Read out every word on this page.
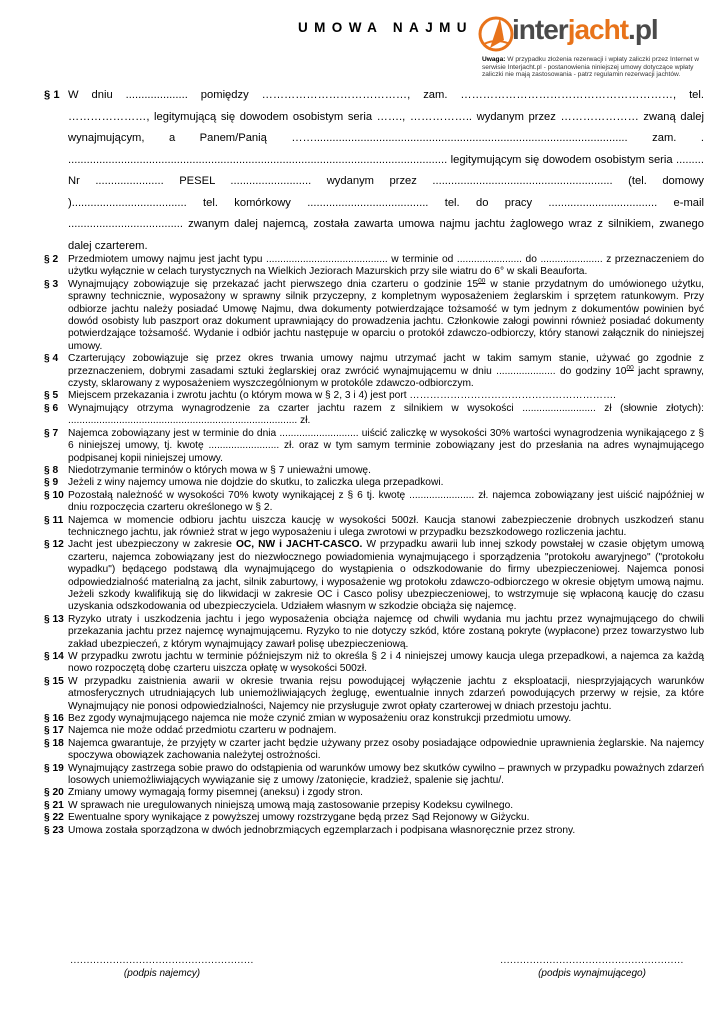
UMOWA NAJMU interjacht.pl
Uwaga: W przypadku złożenia rezerwacji i wpłaty zaliczki przez Internet w serwisie Interjacht.pl - postanowienia niniejszej umowy dotyczące wpłaty zaliczki nie mają zastosowania - patrz regulamin rezerwacji jachtów.
§ 1 W dniu .................... pomiędzy …………………………………, zam. …………………………………………………, tel. …………………, legitymującą się dowodem osobistym seria ……., …………….. wydanym przez ………………… zwaną dalej wynajmującym, a Panem/Panią ……..................................................................................................... zam. . .......................................................................................................................... legitymującym się dowodem osobistym seria ......... Nr ...................... PESEL .......................... wydanym przez .......................................................... (tel. domowy )..................................... tel. komórkowy ....................................... tel. do pracy ................................... e-mail ..................................... zwanym dalej najemcą, została zawarta umowa najmu jachtu żaglowego wraz z silnikiem, zwanego dalej czarterem.
§ 2 Przedmiotem umowy najmu jest jacht typu ........................................... w terminie od ....................... do ...................... z przeznaczeniem do użytku wyłącznie w celach turystycznych na Wielkich Jeziorach Mazurskich przy sile wiatru do 6° w skali Beauforta.
§ 3 Wynajmujący zobowiązuje się przekazać jacht pierwszego dnia czarteru o godzinie $15^{00}$ w stanie przydatnym do umówionego użytku, sprawny technicznie, wyposażony w sprawny silnik przyczepny, z kompletnym wyposażeniem żeglarskim i sprzętem ratunkowym. Przy odbiorze jachtu należy posiadać Umowę Najmu, dwa dokumenty potwierdzające tożsamość w tym jednym z dokumentów powinien być dowód osobisty lub paszport oraz dokument uprawniający do prowadzenia jachtu. Członkowie załogi powinni również posiadać dokumenty potwierdzające tożsamość. Wydanie i odbiór jachtu następuje w oparciu o protokół zdawczo-odbiorczy, który stanowi załącznik do niniejszej umowy.
§ 4 Czarterujący zobowiązuje się przez okres trwania umowy najmu utrzymać jacht w takim samym stanie, używać go zgodnie z przeznaczeniem, dobrymi zasadami sztuki żeglarskiej oraz zwrócić wynajmującemu w dniu ..................... do godziny $10^{00}$ jacht sprawny, czysty, sklarowany z wyposażeniem wyszczególnionym w protokóle zdawczo-odbiorczym.
§ 5 Miejscem przekazania i zwrotu jachtu (o którym mowa w § 2, 3 i 4) jest port …………………………………………………….
§ 6 Wynajmujący otrzyma wynagrodzenie za czarter jachtu razem z silnikiem w wysokości .......................... zł (słownie złotych): ................................................................................. zł.
§ 7 Najemca zobowiązany jest w terminie do dnia ............................ uiścić zaliczkę w wysokości 30% wartości wynagrodzenia wynikającego z § 6 niniejszej umowy, tj. kwotę ......................... zł. oraz w tym samym terminie zobowiązany jest do przesłania na adres wynajmującego podpisanej kopii niniejszej umowy.
§ 8 Niedotrzymanie terminów o których mowa w § 7 unieważni umowę.
§ 9 Jeżeli z winy najemcy umowa nie dojdzie do skutku, to zaliczka ulega przepadkowi.
§ 10 Pozostałą należność w wysokości 70% kwoty wynikającej z § 6 tj. kwotę ....................... zł. najemca zobowiązany jest uiścić najpóźniej w dniu rozpoczęcia czarteru określonego w § 2.
§ 11 Najemca w momencie odbioru jachtu uiszcza kaucję w wysokości 500zł. Kaucja stanowi zabezpieczenie drobnych uszkodzeń stanu technicznego jachtu, jak również strat w jego wyposażeniu i ulega zwrotowi w przypadku bezszkodowego rozliczenia jachtu.
§ 12 Jacht jest ubezpieczony w zakresie OC, NW i JACHT-CASCO. W przypadku awarii lub innej szkody powstałej w czasie objętym umową czarteru, najemca zobowiązany jest do niezwłocznego powiadomienia wynajmującego i sporządzenia "protokołu awaryjnego" ("protokołu wypadku") będącego podstawą dla wynajmującego do wystąpienia o odszkodowanie do firmy ubezpieczeniowej. Najemca ponosi odpowiedzialność materialną za jacht, silnik zaburtowy, i wyposażenie wg protokołu zdawczo-odbiorczego w okresie objętym umową najmu. Jeżeli szkody kwalifikują się do likwidacji w zakresie OC i Casco polisy ubezpieczeniowej, to wstrzymuje się wpłaconą kaucję do czasu uzyskania odszkodowania od ubezpieczyciela. Udziałem własnym w szkodzie obciąża się najemcę.
§ 13 Ryzyko utraty i uszkodzenia jachtu i jego wyposażenia obciąża najemcę od chwili wydania mu jachtu przez wynajmującego do chwili przekazania jachtu przez najemcę wynajmującemu. Ryzyko to nie dotyczy szkód, które zostaną pokryte (wypłacone) przez towarzystwo lub zakład ubezpieczeń, z którym wynajmujący zawarł polisę ubezpieczeniową.
§ 14 W przypadku zwrotu jachtu w terminie późniejszym niż to określa § 2 i 4 niniejszej umowy kaucja ulega przepadkowi, a najemca za każdą nowo rozpoczętą dobę czarteru uiszcza opłatę w wysokości 500zł.
§ 15 W przypadku zaistnienia awarii w okresie trwania rejsu powodującej wyłączenie jachtu z eksploatacji, niesprzyjających warunków atmosferycznych utrudniających lub uniemożliwiających żeglugę, ewentualnie innych zdarzeń powodujących przerwy w rejsie, za które Wynajmujący nie ponosi odpowiedzialności, Najemcy nie przysługuje zwrot opłaty czarterowej w dniach przestoju jachtu.
§ 16 Bez zgody wynajmującego najemca nie może czynić zmian w wyposażeniu oraz konstrukcji przedmiotu umowy.
§ 17 Najemca nie może oddać przedmiotu czarteru w podnajem.
§ 18 Najemca gwarantuje, że przyjęty w czarter jacht będzie używany przez osoby posiadające odpowiednie uprawnienia żeglarskie. Na najemcy spoczywa obowiązek zachowania należytej ostrożności.
§ 19 Wynajmujący zastrzega sobie prawo do odstąpienia od warunków umowy bez skutków cywilno – prawnych w przypadku poważnych zdarzeń losowych uniemożliwiających wywiązanie się z umowy /zatonięcie, kradzież, spalenie się jachtu/.
§ 20 Zmiany umowy wymagają formy pisemnej (aneksu) i zgody stron.
§ 21 W sprawach nie uregulowanych niniejszą umową mają zastosowanie przepisy Kodeksu cywilnego.
§ 22 Ewentualne spory wynikające z powyższej umowy rozstrzygane będą przez Sąd Rejonowy w Giżycku.
§ 23 Umowa została sporządzona w dwóch jednobrzmiących egzemplarzach i podpisana własnoręcznie przez strony.
........................................................
(podpis najemcy)
........................................................
(podpis wynajmującego)
